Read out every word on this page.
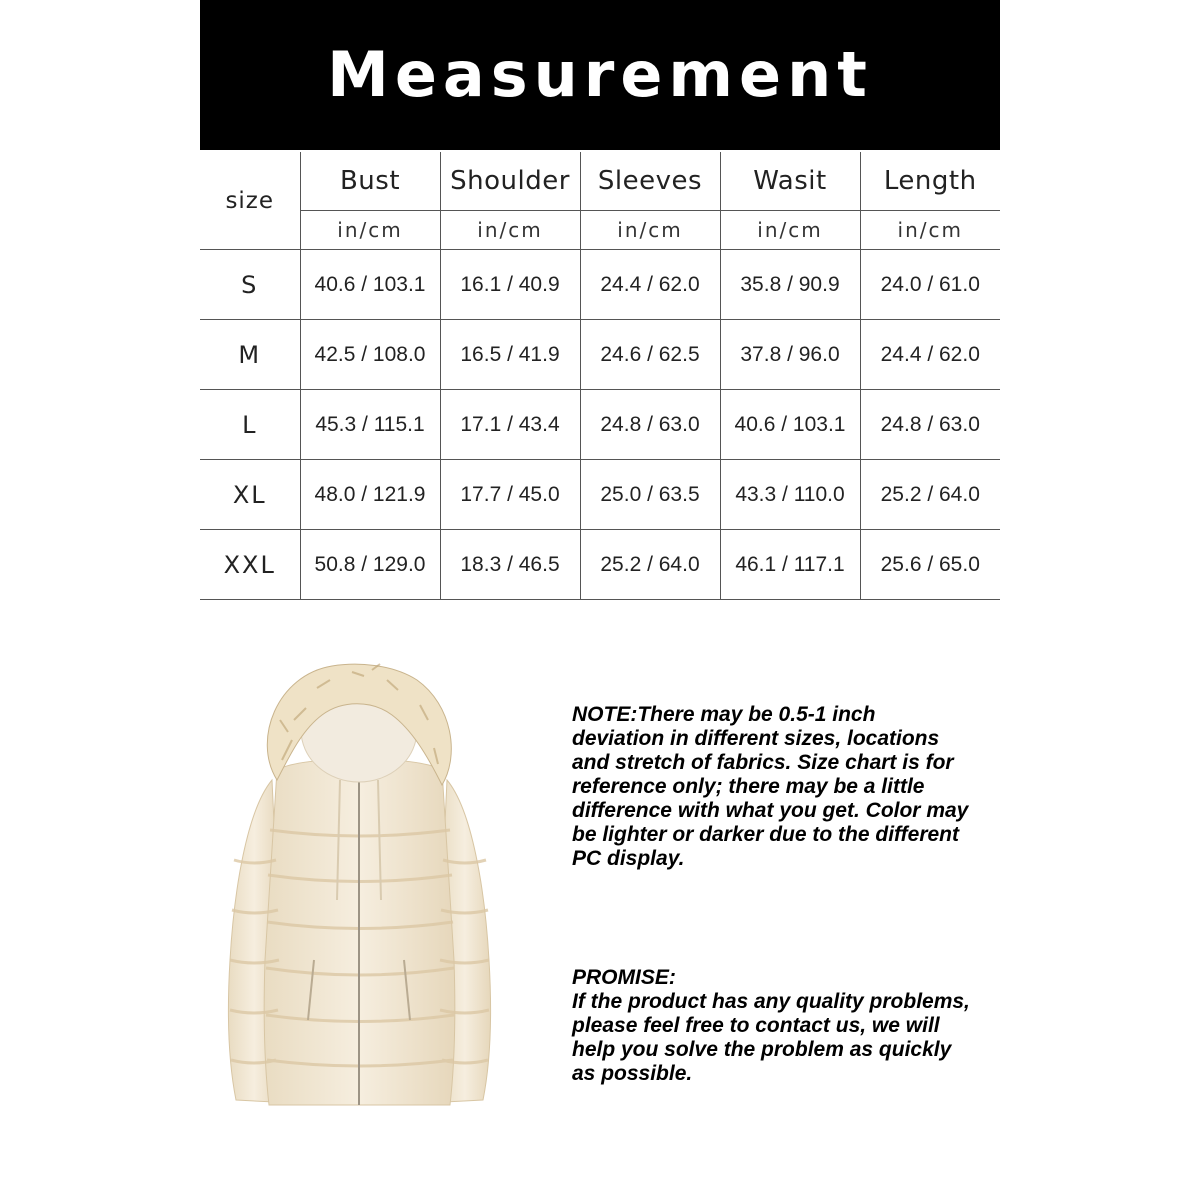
Measurement
size	Bust	Shoulder	Sleeves	Wasit	Length
	in/cm	in/cm	in/cm	in/cm	in/cm
S	40.6 / 103.1	16.1 / 40.9	24.4 / 62.0	35.8 / 90.9	24.0 / 61.0
M	42.5 / 108.0	16.5 / 41.9	24.6 / 62.5	37.8 / 96.0	24.4 / 62.0
L	45.3 / 115.1	17.1 / 43.4	24.8 / 63.0	40.6 / 103.1	24.8 / 63.0
XL	48.0 / 121.9	17.7 / 45.0	25.0 / 63.5	43.3 / 110.0	25.2 / 64.0
XXL	50.8 / 129.0	18.3 / 46.5	25.2 / 64.0	46.1 / 117.1	25.6 / 65.0

NOTE:There may be 0.5-1 inch deviation in different sizes, locations and stretch of fabrics. Size chart is for reference only; there may be a little difference with what you get. Color may be lighter or darker due to the different PC display.

PROMISE:

If the product has any quality problems, please feel free to contact us, we will help you solve the problem as quickly as possible.
